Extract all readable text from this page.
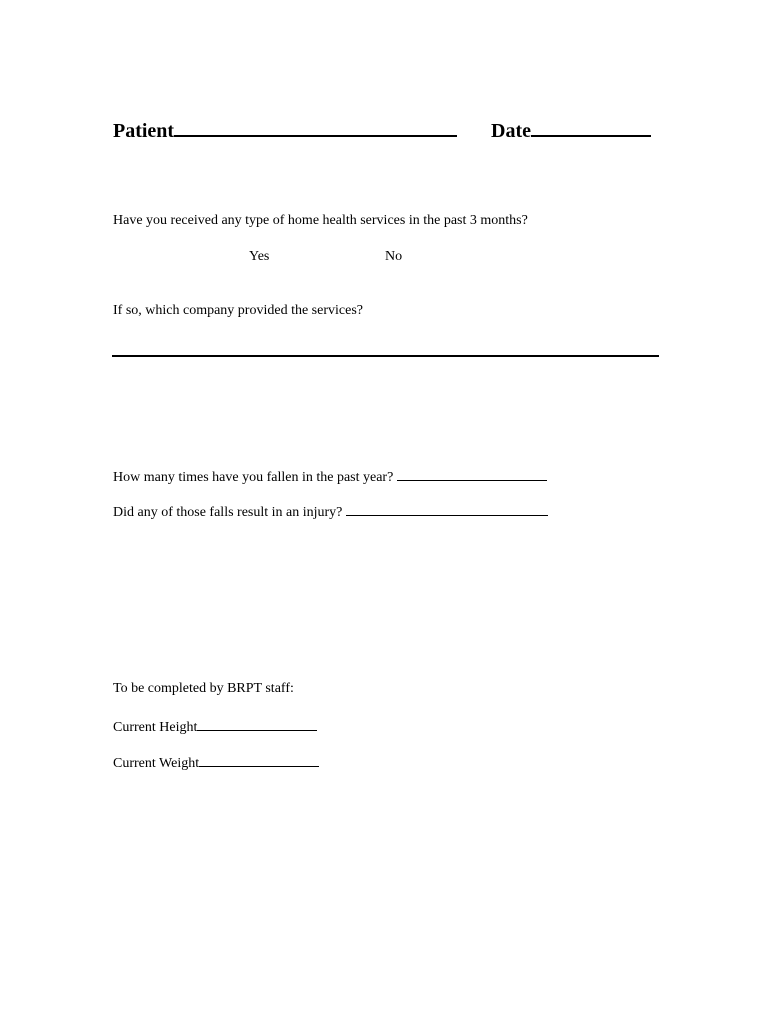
Patient	Date
Have you received any type of home health services in the past 3 months?
Yes	No
If so, which company provided the services?
How many times have you fallen in the past year?
Did any of those falls result in an injury?
To be completed by BRPT staff:
Current Height
Current Weight
